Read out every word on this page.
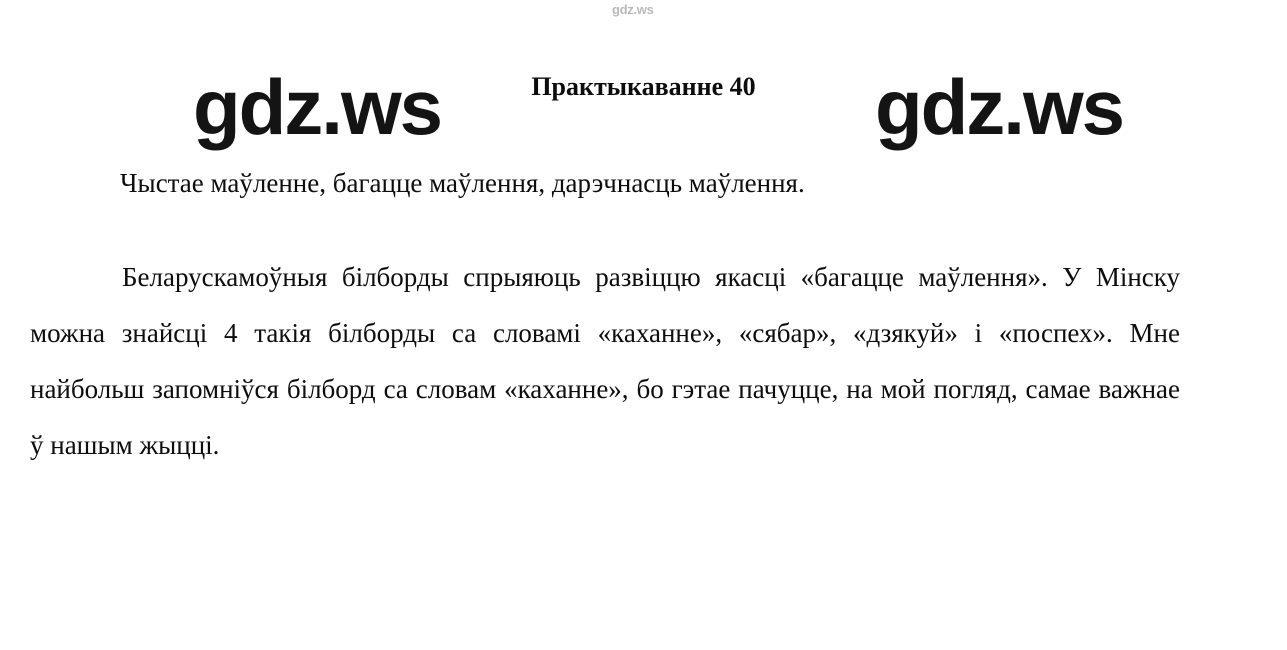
gdz.ws
Практыкаванне 40
gdz.ws	gdz.ws

Чыстае маўленне, багацце маўлення, дарэчнасць маўлення.

Беларускамоўныя білборды спрыяюць развіццю якасці «багацце маўлення». У Мінску можна знайсці 4 такія білборды са словамі «каханне», «сябар», «дзякуй» і «поспех». Мне найбольш запомніўся білборд са словам «каханне», бо гэтае пачуцце, на мой погляд, самае важнае ў нашым жыцці.
